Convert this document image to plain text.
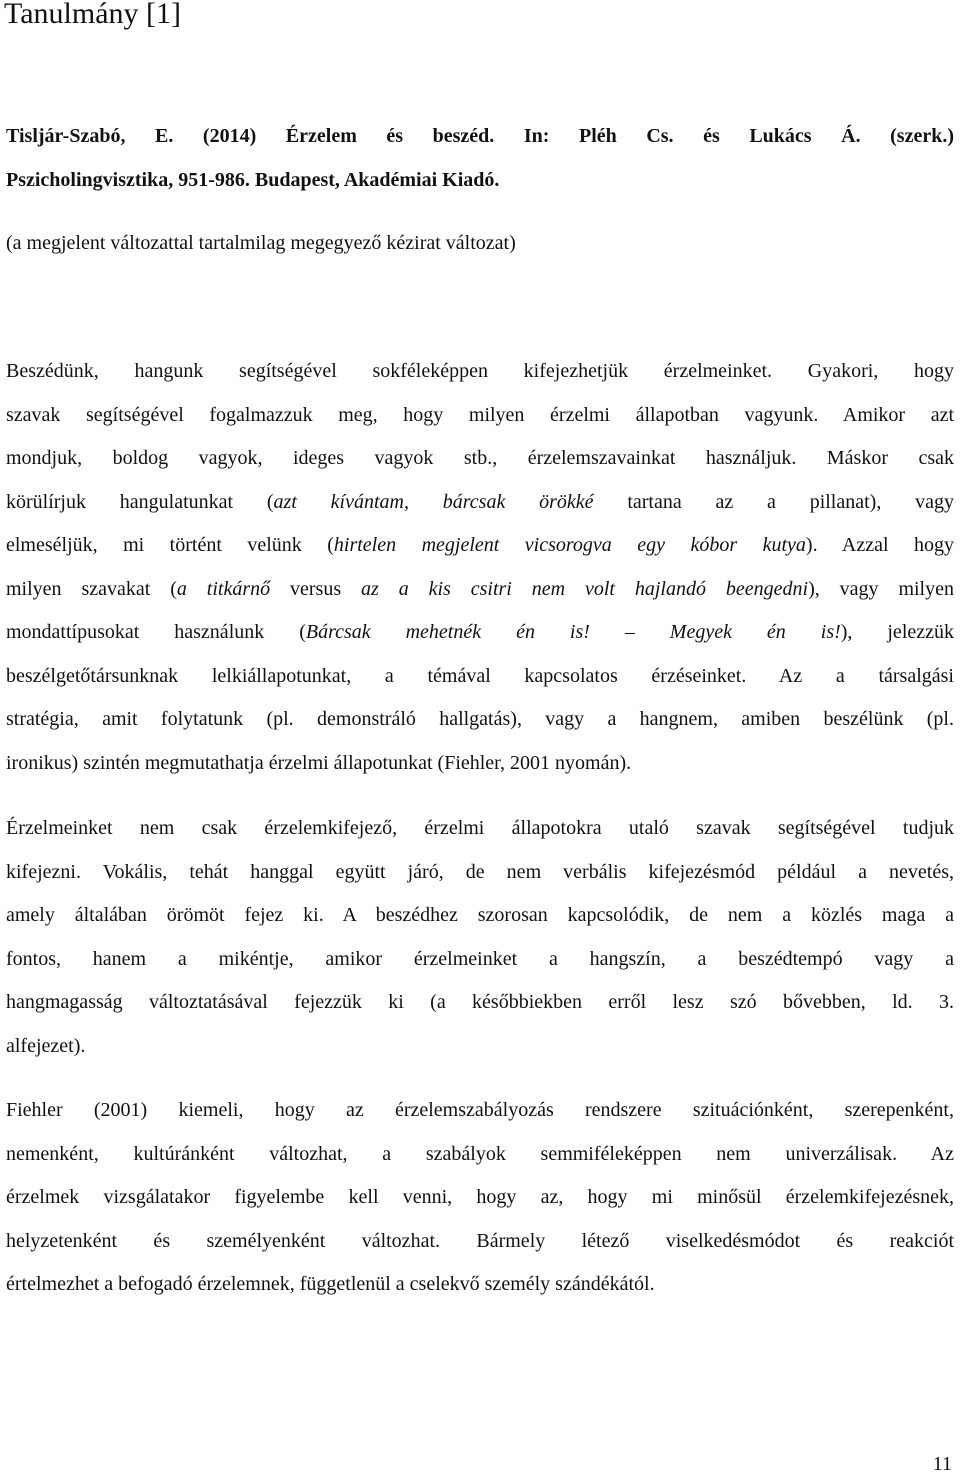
Tanulmány [1]
Tisljár-Szabó, E. (2014) Érzelem és beszéd. In: Pléh Cs. és Lukács Á. (szerk.)
Pszicholingvisztika, 951-986. Budapest, Akadémiai Kiadó.
(a megjelent változattal tartalmilag megegyező kézirat változat)
Beszédünk, hangunk segítségével sokféleképpen kifejezhetjük érzelmeinket. Gyakori, hogy
szavak segítségével fogalmazzuk meg, hogy milyen érzelmi állapotban vagyunk. Amikor azt
mondjuk, boldog vagyok, ideges vagyok stb., érzelemszavainkat használjuk. Máskor csak
körülírjuk hangulatunkat (azt kívántam, bárcsak örökké tartana az a pillanat), vagy
elmeséljük, mi történt velünk (hirtelen megjelent vicsorogva egy kóbor kutya). Azzal hogy
milyen szavakat (a titkárnő versus az a kis csitri nem volt hajlandó beengedni), vagy milyen
mondattípusokat használunk (Bárcsak mehetnék én is! – Megyek én is!), jelezzük
beszélgetőtársunknak lelkiállapotunkat, a témával kapcsolatos érzéseinket. Az a társalgási
stratégia, amit folytatunk (pl. demonstráló hallgatás), vagy a hangnem, amiben beszélünk (pl.
ironikus) szintén megmutathatja érzelmi állapotunkat (Fiehler, 2001 nyomán).
Érzelmeinket nem csak érzelemkifejező, érzelmi állapotokra utaló szavak segítségével tudjuk
kifejezni. Vokális, tehát hanggal együtt járó, de nem verbális kifejezésmód például a nevetés,
amely általában örömöt fejez ki. A beszédhez szorosan kapcsolódik, de nem a közlés maga a
fontos, hanem a mikéntje, amikor érzelmeinket a hangszín, a beszédtempó vagy a
hangmagasság változtatásával fejezzük ki (a későbbiekben erről lesz szó bővebben, ld. 3.
alfejezet).
Fiehler (2001) kiemeli, hogy az érzelemszabályozás rendszere szituációnként, szerepenként,
nemenként, kultúránként változhat, a szabályok semmiféleképpen nem univerzálisak. Az
érzelmek vizsgálatakor figyelembe kell venni, hogy az, hogy mi minősül érzelemkifejezésnek,
helyzetenként és személyenként változhat. Bármely létező viselkedésmódot és reakciót
értelmezhet a befogadó érzelemnek, függetlenül a cselekvő személy szándékától.
11
